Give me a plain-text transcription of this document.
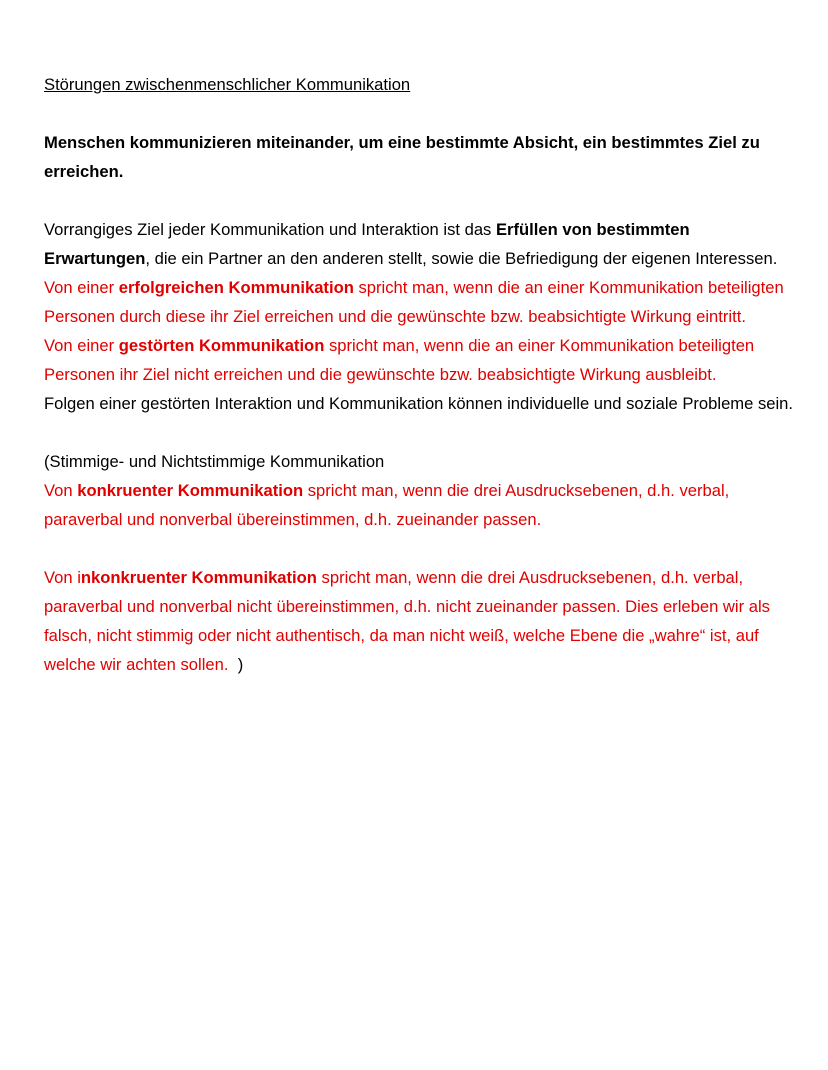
Störungen zwischenmenschlicher Kommunikation

Menschen kommunizieren miteinander, um eine bestimmte Absicht, ein bestimmtes Ziel zu erreichen.

Vorrangiges Ziel jeder Kommunikation und Interaktion ist das Erfüllen von bestimmten Erwartungen, die ein Partner an den anderen stellt, sowie die Befriedigung der eigenen Interessen.

Von einer erfolgreichen Kommunikation spricht man, wenn die an einer Kommunikation beteiligten Personen durch diese ihr Ziel erreichen und die gewünschte bzw. beabsichtigte Wirkung eintritt.

Von einer gestörten Kommunikation spricht man, wenn die an einer Kommunikation beteiligten Personen ihr Ziel nicht erreichen und die gewünschte bzw. beabsichtigte Wirkung ausbleibt.

Folgen einer gestörten Interaktion und Kommunikation können individuelle und soziale Probleme sein.

(Stimmige- und Nichtstimmige Kommunikation

Von konkruenter Kommunikation spricht man, wenn die drei Ausdrucksebenen, d.h. verbal, paraverbal und nonverbal übereinstimmen, d.h. zueinander passen.

Von inkonkruenter Kommunikation spricht man, wenn die drei Ausdrucksebenen, d.h. verbal, paraverbal und nonverbal nicht übereinstimmen, d.h. nicht zueinander passen. Dies erleben wir als falsch, nicht stimmig oder nicht authentisch, da man nicht weiß, welche Ebene die „wahre“ ist, auf welche wir achten sollen.  )
